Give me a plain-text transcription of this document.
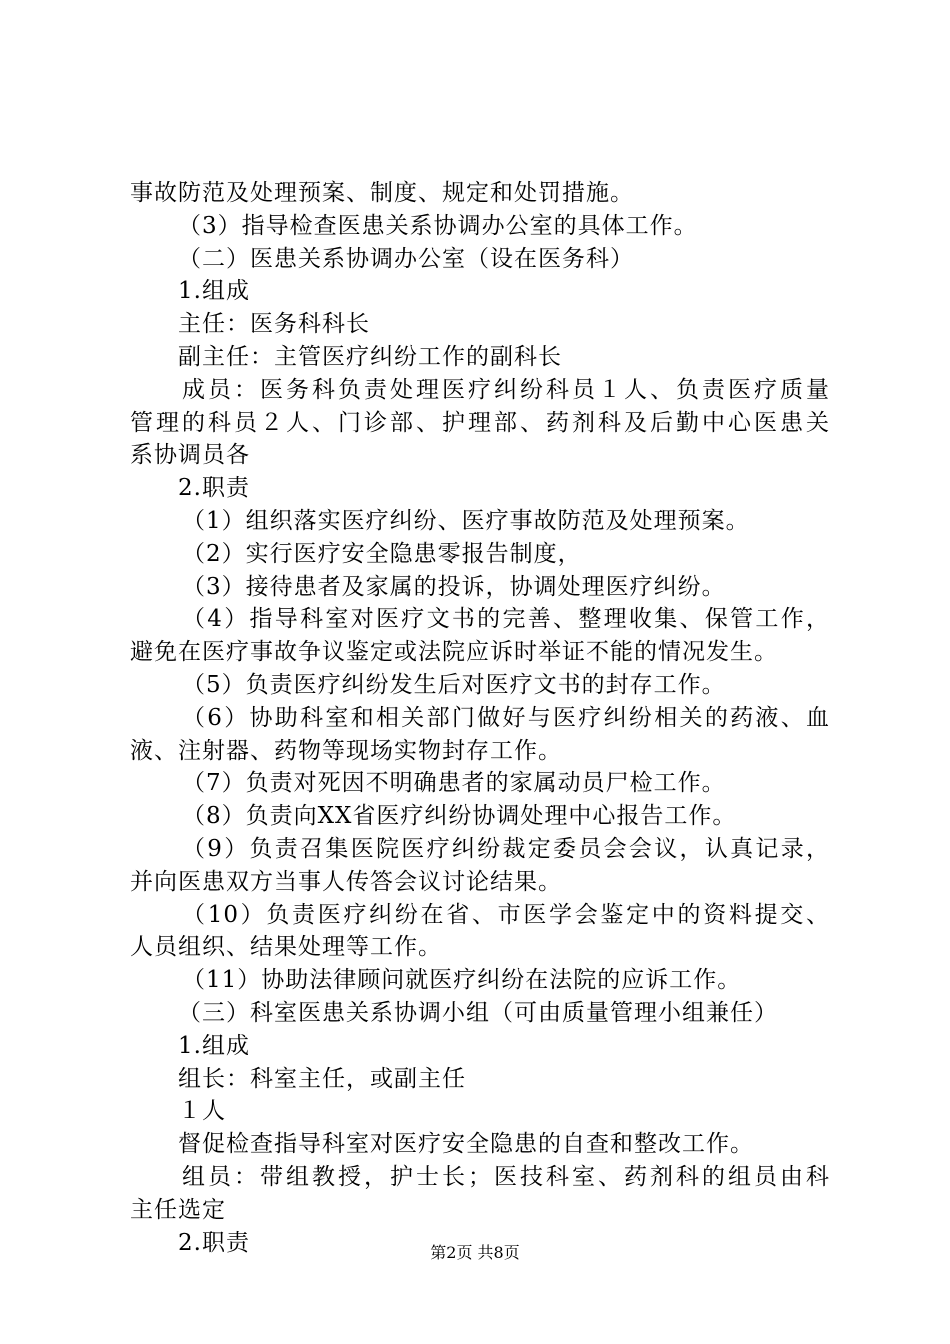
事故防范及处理预案、制度、规定和处罚措施。
（3）指导检查医患关系协调办公室的具体工作。
（二）医患关系协调办公室（设在医务科）
1.组成
主任：医务科科长
副主任：主管医疗纠纷工作的副科长
成员：医务科负责处理医疗纠纷科员１人、负责医疗质量
管理的科员２人、门诊部、护理部、药剂科及后勤中心医患关
系协调员各
2.职责
（1）组织落实医疗纠纷、医疗事故防范及处理预案。
（2）实行医疗安全隐患零报告制度，
（3）接待患者及家属的投诉，协调处理医疗纠纷。
（4）指导科室对医疗文书的完善、整理收集、保管工作，
避免在医疗事故争议鉴定或法院应诉时举证不能的情况发生。
（5）负责医疗纠纷发生后对医疗文书的封存工作。
（6）协助科室和相关部门做好与医疗纠纷相关的药液、血
液、注射器、药物等现场实物封存工作。
（7）负责对死因不明确患者的家属动员尸检工作。
（8）负责向XX省医疗纠纷协调处理中心报告工作。
（9）负责召集医院医疗纠纷裁定委员会会议，认真记录，
并向医患双方当事人传答会议讨论结果。
（10）负责医疗纠纷在省、市医学会鉴定中的资料提交、
人员组织、结果处理等工作。
（11）协助法律顾问就医疗纠纷在法院的应诉工作。
（三）科室医患关系协调小组（可由质量管理小组兼任）
1.组成
组长：科室主任，或副主任
１人
督促检查指导科室对医疗安全隐患的自查和整改工作。
组员：带组教授，护士长；医技科室、药剂科的组员由科
主任选定
2.职责	第2页 共8页
